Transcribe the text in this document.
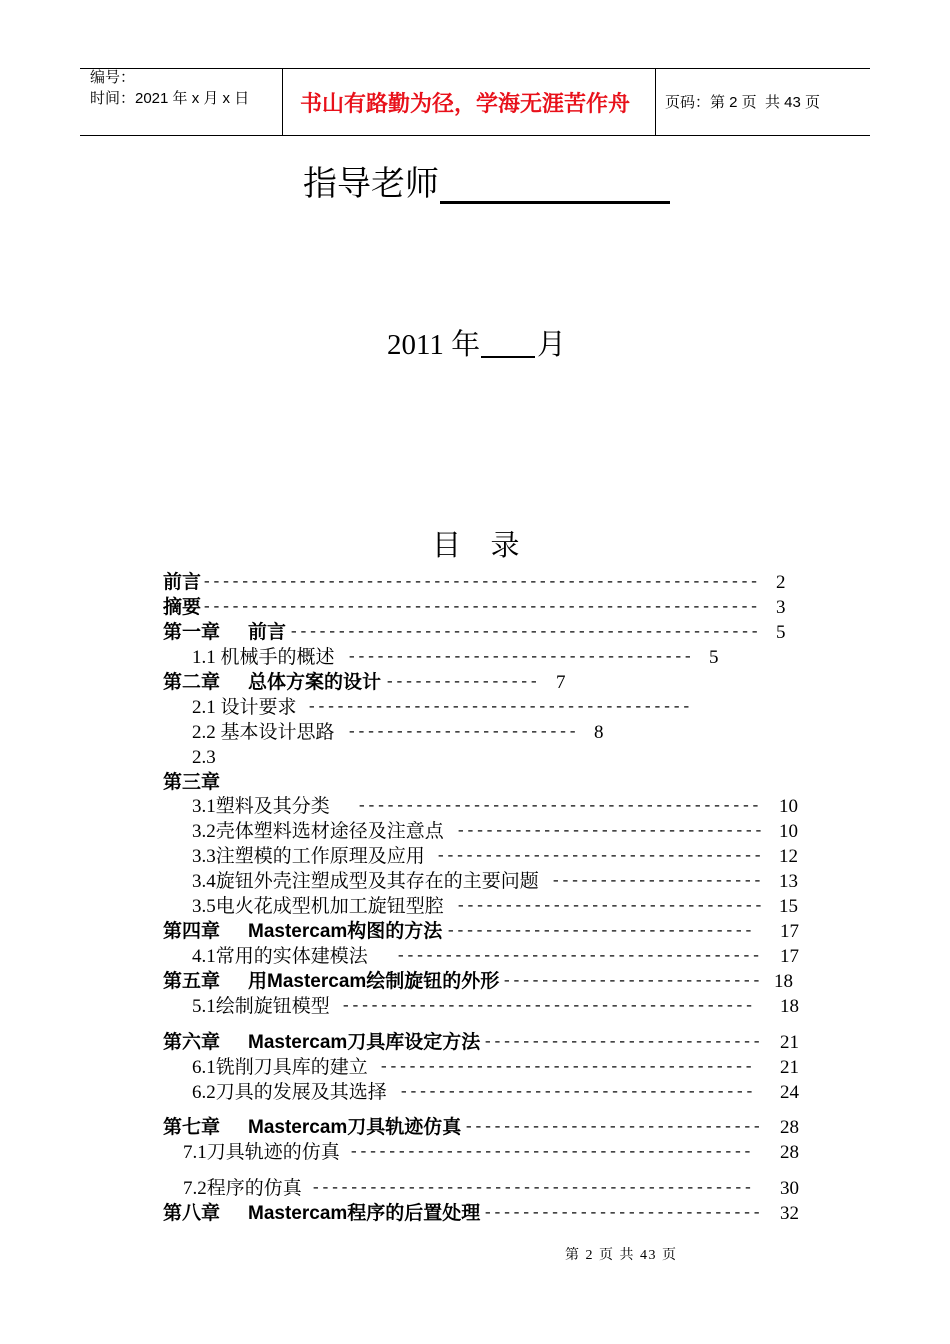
编号：
时间：2021 年 x 月 x 日 书山有路勤为径，学海无涯苦作舟 页码：第 2 页  共 43 页
指导老师
2011 年 月
目  录
前言 ---------------------------------------------------------- 2
摘要 ---------------------------------------------------------- 3
第一章 前言 ------------------------------------------------- 5
1.1 机械手的概述 ------------------------------------ 5
第二章 总体方案的设计 ---------------- 7
2.1 设计要求 ----------------------------------------
2.2 基本设计思路 ------------------------ 8
2.3
第三章
3.1塑料及其分类 ------------------------------------------ 10
3.2壳体塑料选材途径及注意点 -------------------------------- 10
3.3注塑模的工作原理及应用 ---------------------------------- 12
3.4旋钮外壳注塑成型及其存在的主要问题 ---------------------- 13
3.5电火花成型机加工旋钮型腔 -------------------------------- 15
第四章 Mastercam构图的方法 -------------------------------- 17
4.1常用的实体建模法 -------------------------------------- 17
第五章 用Mastercam绘制旋钮的外形 --------------------------- 18
5.1绘制旋钮模型 ------------------------------------------- 18
第六章 Mastercam刀具库设定方法 ----------------------------- 21
6.1铣削刀具库的建立 --------------------------------------- 21
6.2刀具的发展及其选择 ------------------------------------- 24
第七章 Mastercam刀具轨迹仿真 ------------------------------- 28
7.1刀具轨迹的仿真 ------------------------------------------ 28
7.2程序的仿真 ---------------------------------------------- 30
第八章 Mastercam程序的后置处理 ----------------------------- 32
第 2 页 共 43 页
